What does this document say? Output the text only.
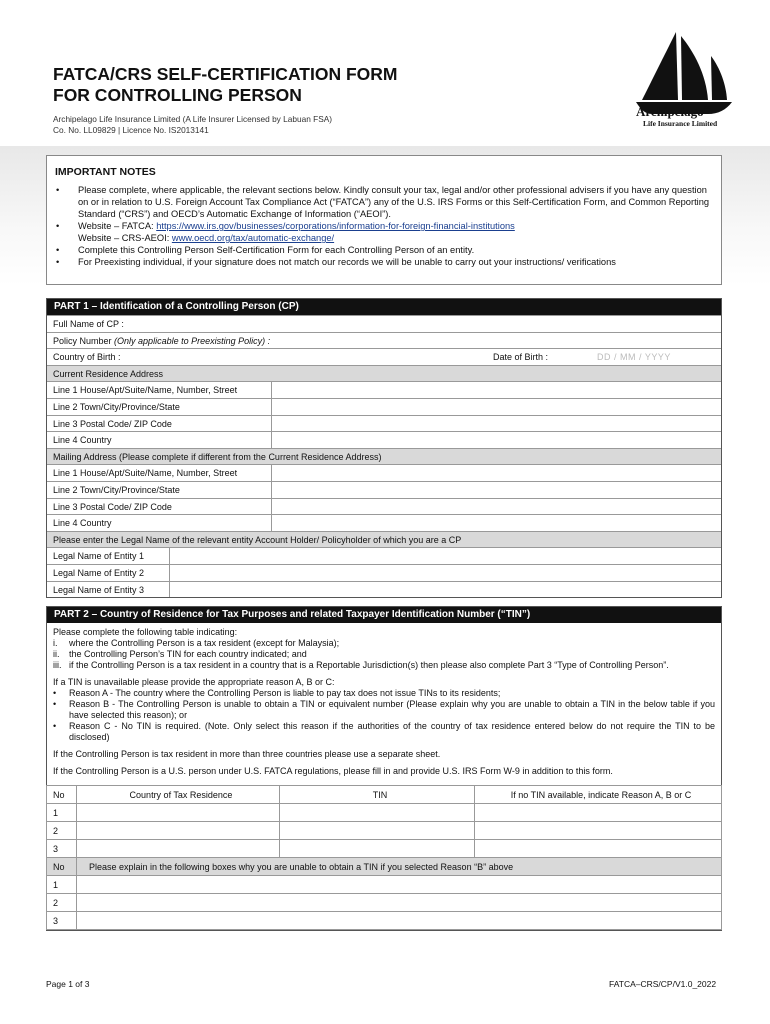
FATCA/CRS SELF-CERTIFICATION FORM
FOR CONTROLLING PERSON
Archipelago Life Insurance Limited (A Life Insurer Licensed by Labuan FSA)
Co. No. LL09829 | Licence No. IS2013141
Archipelago™
Life Insurance Limited
IMPORTANT NOTES
• Please complete, where applicable, the relevant sections below. Kindly consult your tax, legal and/or other professional advisers if you have any question on or in relation to U.S. Foreign Account Tax Compliance Act (“FATCA”) any of the U.S. IRS Forms or this Self-Certification Form, and Common Reporting Standard (“CRS”) and OECD’s Automatic Exchange of Information (“AEOI”).
• Website – FATCA: https://www.irs.gov/businesses/corporations/information-for-foreign-financial-institutions
Website – CRS-AEOI: www.oecd.org/tax/automatic-exchange/
• Complete this Controlling Person Self-Certification Form for each Controlling Person of an entity.
• For Preexisting individual, if your signature does not match our records we will be unable to carry out your instructions/ verifications
PART 1 – Identification of a Controlling Person (CP)
Full Name of CP :
Policy Number (Only applicable to Preexisting Policy) :
Country of Birth :	Date of Birth :	DD / MM / YYYY
Current Residence Address
Line 1 House/Apt/Suite/Name, Number, Street
Line 2 Town/City/Province/State
Line 3 Postal Code/ ZIP Code
Line 4 Country
Mailing Address (Please complete if different from the Current Residence Address)
Line 1 House/Apt/Suite/Name, Number, Street
Line 2 Town/City/Province/State
Line 3 Postal Code/ ZIP Code
Line 4 Country
Please enter the Legal Name of the relevant entity Account Holder/ Policyholder of which you are a CP
Legal Name of Entity 1
Legal Name of Entity 2
Legal Name of Entity 3
PART 2 – Country of Residence for Tax Purposes and related Taxpayer Identification Number (“TIN”)

Please complete the following table indicating:

i. where the Controlling Person is a tax resident (except for Malaysia);

ii. the Controlling Person’s TIN for each country indicated; and

iii. if the Controlling Person is a tax resident in a country that is a Reportable Jurisdiction(s) then please also complete Part 3 “Type of Controlling Person”.

If a TIN is unavailable please provide the appropriate reason A, B or C:

• Reason A - The country where the Controlling Person is liable to pay tax does not issue TINs to its residents;

• Reason B - The Controlling Person is unable to obtain a TIN or equivalent number (Please explain why you are unable to obtain a TIN in the below table if you have selected this reason); or

• Reason C - No TIN is required. (Note. Only select this reason if the authorities of the country of tax residence entered below do not require the TIN to be disclosed)

If the Controlling Person is tax resident in more than three countries please use a separate sheet.

If the Controlling Person is a U.S. person under U.S. FATCA regulations, please fill in and provide U.S. IRS Form W-9 in addition to this form.

No	Country of Tax Residence	TIN	If no TIN available, indicate Reason A, B or C
1			
2			
3			
No	Please explain in the following boxes why you are unable to obtain a TIN if you selected Reason “B” above		
1			
2			
3			
Page 1 of 3	FATCA–CRS/CP/V1.0_2022
